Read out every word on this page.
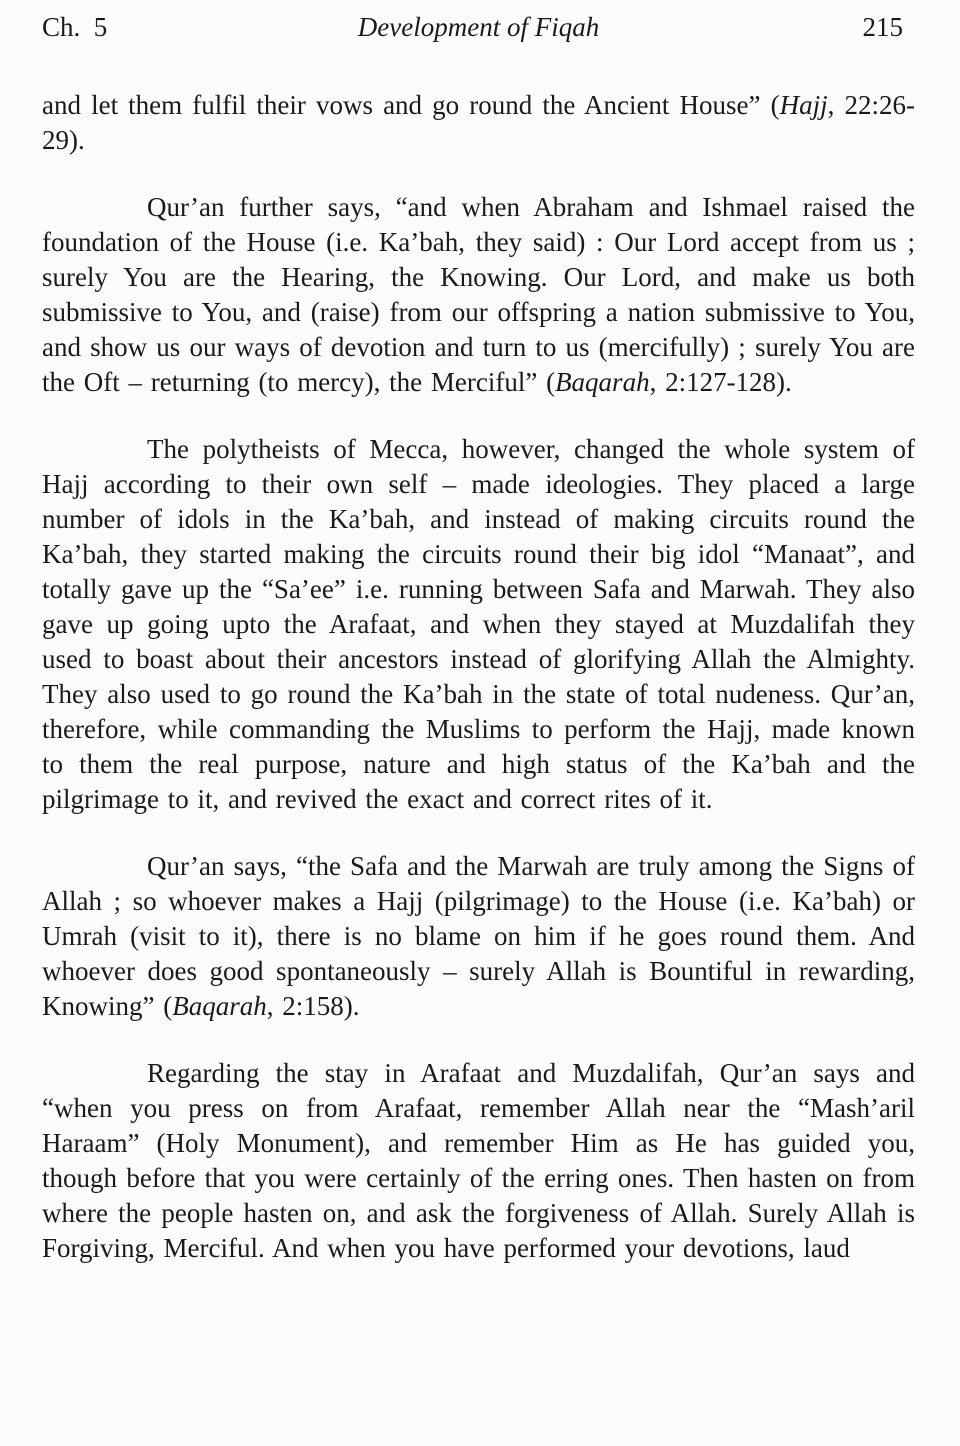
Ch.  5	Development of Fiqah	215

and let them fulfil their vows and go round the Ancient House” (Hajj, 22:26-29).

Qur’an further says, “and when Abraham and Ishmael raised the foundation of the House (i.e. Ka’bah, they said) : Our Lord accept from us ; surely You are the Hearing, the Knowing. Our Lord, and make us both submissive to You, and (raise) from our offspring a nation submissive to You, and show us our ways of devotion and turn to us (mercifully) ; surely You are the Oft – returning (to mercy), the Merciful” (Baqarah, 2:127-128).

The polytheists of Mecca, however, changed the whole system of Hajj according to their own self – made ideologies. They placed a large number of idols in the Ka’bah, and instead of making circuits round the Ka’bah, they started making the circuits round their big idol “Manaat”, and totally gave up the “Sa’ee” i.e. running between Safa and Marwah. They also gave up going upto the Arafaat, and when they stayed at Muzdalifah they used to boast about their ancestors instead of glorifying Allah the Almighty. They also used to go round the Ka’bah in the state of total nudeness. Qur’an, therefore, while commanding the Muslims to perform the Hajj, made known to them the real purpose, nature and high status of the Ka’bah and the pilgrimage to it, and revived the exact and correct rites of it.

Qur’an says, “the Safa and the Marwah are truly among the Signs of Allah ; so whoever makes a Hajj (pilgrimage) to the House (i.e. Ka’bah) or Umrah (visit to it), there is no blame on him if he goes round them. And whoever does good spontaneously – surely Allah is Bountiful in rewarding, Knowing” (Baqarah, 2:158).

Regarding the stay in Arafaat and Muzdalifah, Qur’an says and “when you press on from Arafaat, remember Allah near the “Mash’aril Haraam” (Holy Monument), and remember Him as He has guided you, though before that you were certainly of the erring ones. Then hasten on from where the people hasten on, and ask the forgiveness of Allah. Surely Allah is Forgiving, Merciful. And when you have performed your devotions, laud
